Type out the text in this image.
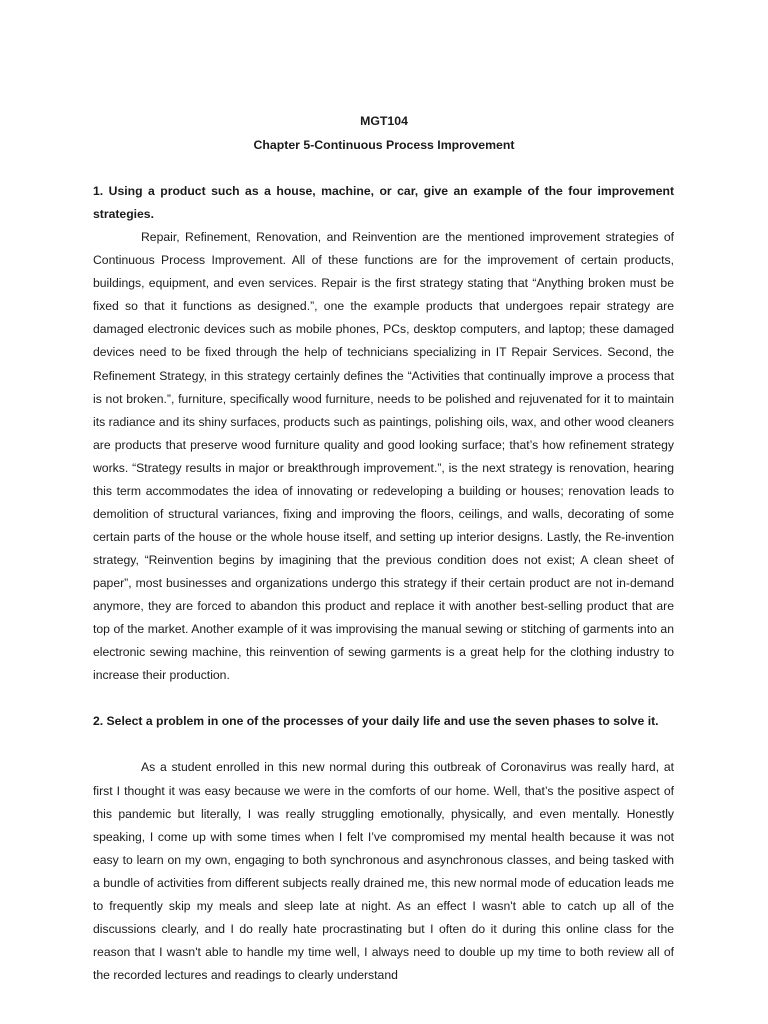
MGT104
Chapter 5-Continuous Process Improvement

1. Using a product such as a house, machine, or car, give an example of the four improvement strategies.

Repair, Refinement, Renovation, and Reinvention are the mentioned improvement strategies of Continuous Process Improvement. All of these functions are for the improvement of certain products, buildings, equipment, and even services. Repair is the first strategy stating that “Anything broken must be fixed so that it functions as designed.”, one the example products that undergoes repair strategy are damaged electronic devices such as mobile phones, PCs, desktop computers, and laptop; these damaged devices need to be fixed through the help of technicians specializing in IT Repair Services. Second, the Refinement Strategy, in this strategy certainly defines the “Activities that continually improve a process that is not broken.”, furniture, specifically wood furniture, needs to be polished and rejuvenated for it to maintain its radiance and its shiny surfaces, products such as paintings, polishing oils, wax, and other wood cleaners are products that preserve wood furniture quality and good looking surface; that’s how refinement strategy works. “Strategy results in major or breakthrough improvement.”, is the next strategy is renovation, hearing this term accommodates the idea of innovating or redeveloping a building or houses; renovation leads to demolition of structural variances, fixing and improving the floors, ceilings, and walls, decorating of some certain parts of the house or the whole house itself, and setting up interior designs. Lastly, the Re-invention strategy, “Reinvention begins by imagining that the previous condition does not exist; A clean sheet of paper”, most businesses and organizations undergo this strategy if their certain product are not in-demand anymore, they are forced to abandon this product and replace it with another best-selling product that are top of the market. Another example of it was improvising the manual sewing or stitching of garments into an electronic sewing machine, this reinvention of sewing garments is a great help for the clothing industry to increase their production.

2. Select a problem in one of the processes of your daily life and use the seven phases to solve it.

As a student enrolled in this new normal during this outbreak of Coronavirus was really hard, at first I thought it was easy because we were in the comforts of our home. Well, that’s the positive aspect of this pandemic but literally, I was really struggling emotionally, physically, and even mentally. Honestly speaking, I come up with some times when I felt I’ve compromised my mental health because it was not easy to learn on my own, engaging to both synchronous and asynchronous classes, and being tasked with a bundle of activities from different subjects really drained me, this new normal mode of education leads me to frequently skip my meals and sleep late at night. As an effect I wasn't able to catch up all of the discussions clearly, and I do really hate procrastinating but I often do it during this online class for the reason that I wasn't able to handle my time well, I always need to double up my time to both review all of the recorded lectures and readings to clearly understand
